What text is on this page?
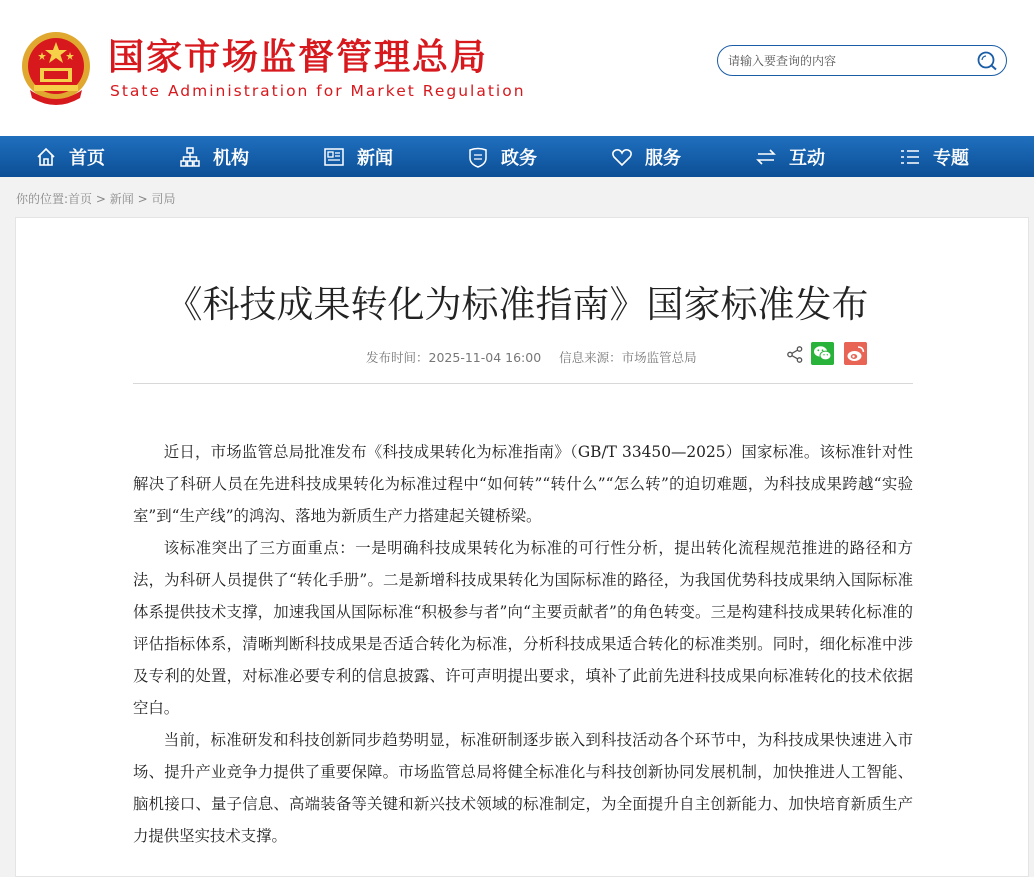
国家市场监督管理总局
State Administration for Market Regulation
请输入要查询的内容
首页	机构	新闻	政务	服务	互动	专题
你的位置:首页 > 新闻 > 司局
《科技成果转化为标准指南》国家标准发布
发布时间：2025-11-04 16:00 信息来源：市场监管总局

近日，市场监管总局批准发布《科技成果转化为标准指南》（GB/T 33450—2025）国家标准。该标准针对性解决了科研人员在先进科技成果转化为标准过程中“如何转”“转什么”“怎么转”的迫切难题，为科技成果跨越“实验室”到“生产线”的鸿沟、落地为新质生产力搭建起关键桥梁。

该标准突出了三方面重点：一是明确科技成果转化为标准的可行性分析，提出转化流程规范推进的路径和方法，为科研人员提供了“转化手册”。二是新增科技成果转化为国际标准的路径，为我国优势科技成果纳入国际标准体系提供技术支撑，加速我国从国际标准“积极参与者”向“主要贡献者”的角色转变。三是构建科技成果转化标准的评估指标体系，清晰判断科技成果是否适合转化为标准，分析科技成果适合转化的标准类别。同时，细化标准中涉及专利的处置，对标准必要专利的信息披露、许可声明提出要求，填补了此前先进科技成果向标准转化的技术依据空白。

当前，标准研发和科技创新同步趋势明显，标准研制逐步嵌入到科技活动各个环节中，为科技成果快速进入市场、提升产业竞争力提供了重要保障。市场监管总局将健全标准化与科技创新协同发展机制，加快推进人工智能、脑机接口、量子信息、高端装备等关键和新兴技术领域的标准制定，为全面提升自主创新能力、加快培育新质生产力提供坚实技术支撑。
